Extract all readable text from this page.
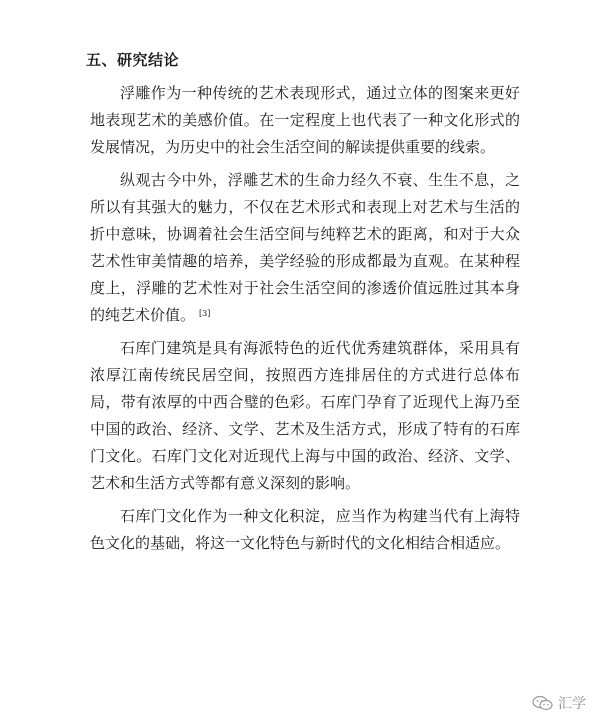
五、研究结论

浮雕作为一种传统的艺术表现形式，通过立体的图案来更好地表现艺术的美感价值。在一定程度上也代表了一种文化形式的发展情况，为历史中的社会生活空间的解读提供重要的线索。

纵观古今中外，浮雕艺术的生命力经久不衰、生生不息，之所以有其强大的魅力，不仅在艺术形式和表现上对艺术与生活的折中意味，协调着社会生活空间与纯粹艺术的距离，和对于大众艺术性审美情趣的培养，美学经验的形成都最为直观。在某种程度上，浮雕的艺术性对于社会生活空间的渗透价值远胜过其本身的纯艺术价值。 [3]

石库门建筑是具有海派特色的近代优秀建筑群体，采用具有浓厚江南传统民居空间，按照西方连排居住的方式进行总体布局，带有浓厚的中西合璧的色彩。石库门孕育了近现代上海乃至中国的政治、经济、文学、艺术及生活方式，形成了特有的石库门文化。石库门文化对近现代上海与中国的政治、经济、文学、艺术和生活方式等都有意义深刻的影响。

石库门文化作为一种文化积淀，应当作为构建当代有上海特色文化的基础，将这一文化特色与新时代的文化相结合相适应。

汇学
